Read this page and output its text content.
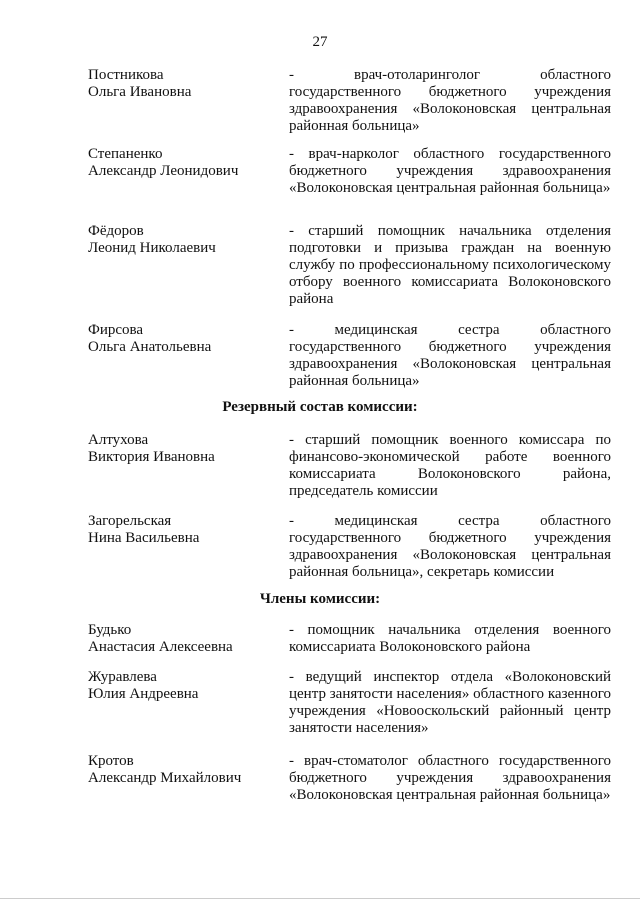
27
Постникова
Ольга Ивановна
- врач-отоларинголог областного государственного бюджетного учреждения здравоохранения «Волоконовская центральная районная больница»
Степаненко
Александр Леонидович
- врач-нарколог областного государственного бюджетного учреждения здравоохранения «Волоконовская центральная районная больница»
Фёдоров
Леонид Николаевич
- старший помощник начальника отделения подготовки и призыва граждан на военную службу по профессиональному психологическому отбору военного комиссариата Волоконовского района
Фирсова
Ольга Анатольевна
- медицинская сестра областного государственного бюджетного учреждения здравоохранения «Волоконовская центральная районная больница»
Резервный состав комиссии:
Алтухова
Виктория Ивановна
- старший помощник военного комиссара по финансово-экономической работе военного комиссариата Волоконовского района, председатель комиссии
Загорельская
Нина Васильевна
- медицинская сестра областного государственного бюджетного учреждения здравоохранения «Волоконовская центральная районная больница», секретарь комиссии
Члены комиссии:
Будько
Анастасия Алексеевна
- помощник начальника отделения военного комиссариата Волоконовского района
Журавлева
Юлия Андреевна
- ведущий инспектор отдела «Волоконовский центр занятости населения» областного казенного учреждения «Новооскольский районный центр занятости населения»
Кротов
Александр Михайлович
- врач-стоматолог областного государственного бюджетного учреждения здравоохранения «Волоконовская центральная районная больница»
